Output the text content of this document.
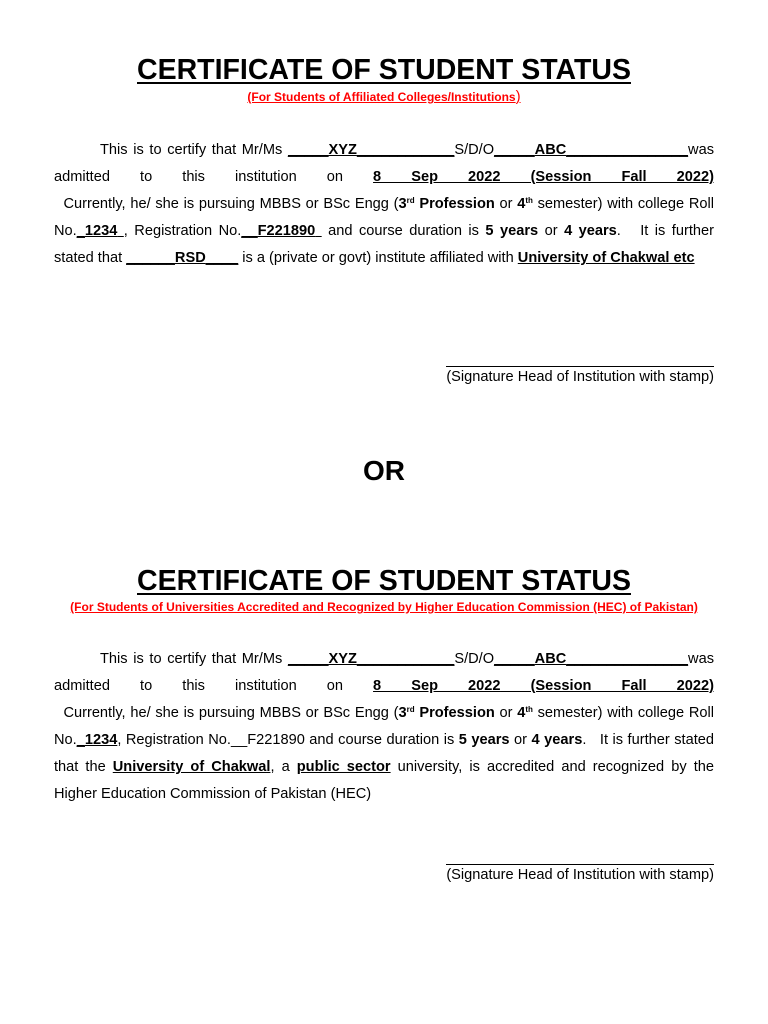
CERTIFICATE OF STUDENT STATUS
(For Students of Affiliated Colleges/Institutions)

This is to certify that Mr/Ms _____XYZ____________S/D/O_____ABC_______________was admitted to this institution on 8 Sep 2022 (Session Fall 2022)  Currently, he/ she is pursuing MBBS or BSc Engg (3rd Profession or 4th semester) with college Roll No._1234 , Registration No.__F221890 and course duration is 5 years or 4 years.   It is further stated that ______RSD____ is a (private or govt) institute affiliated with University of Chakwal etc

(Signature Head of Institution with stamp)
OR
CERTIFICATE OF STUDENT STATUS
(For Students of Universities Accredited and Recognized by Higher Education Commission (HEC) of Pakistan)

This is to certify that Mr/Ms _____XYZ____________S/D/O_____ABC_______________was admitted to this institution on 8 Sep 2022 (Session Fall 2022)  Currently, he/ she is pursuing MBBS or BSc Engg (3rd Profession or 4th semester) with college Roll No._1234, Registration No.__F221890 and course duration is 5 years or 4 years.   It is further stated that the University of Chakwal, a public sector university, is accredited and recognized by the Higher Education Commission of Pakistan (HEC)

(Signature Head of Institution with stamp)
